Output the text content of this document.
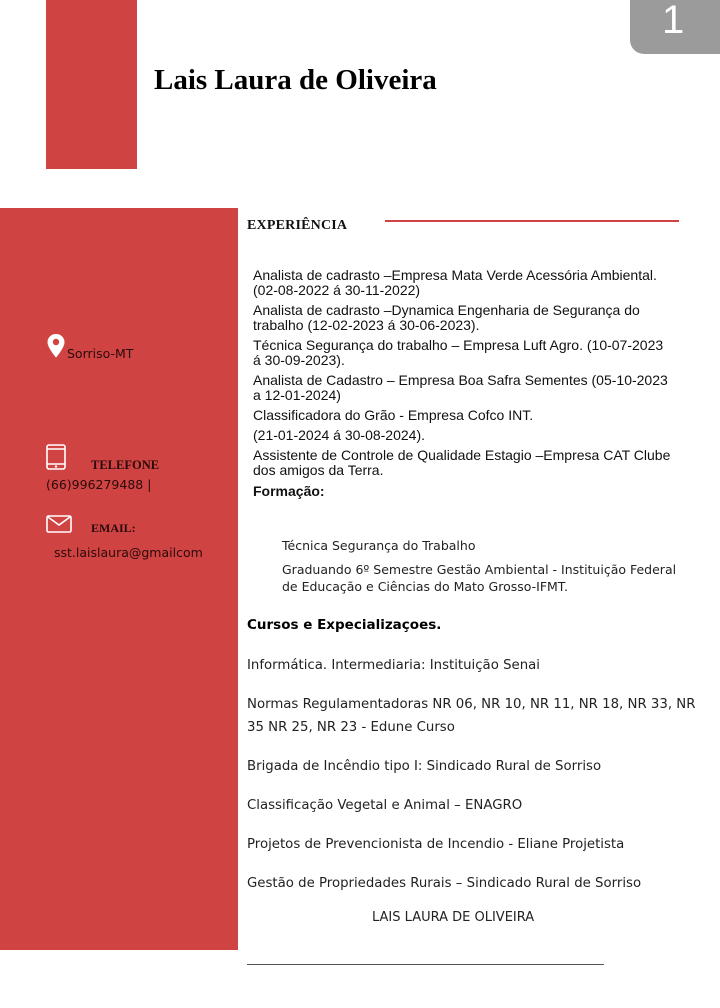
1
Lais Laura de Oliveira
Sorriso-MT
TELEFONE
(66)996279488 |
EMAIL:
sst.laislaura@gmailcom
EXPERIÊNCIA
Analista de cadrasto –Empresa Mata Verde Acessória Ambiental. (02-08-2022 á 30-11-2022)
Analista de cadrasto –Dynamica Engenharia de Segurança do trabalho (12-02-2023 á 30-06-2023).
Técnica Segurança do trabalho – Empresa Luft Agro. (10-07-2023 á 30-09-2023).
Analista de Cadastro – Empresa Boa Safra Sementes (05-10-2023 a 12-01-2024)
Classificadora do Grão - Empresa Cofco INT.
(21-01-2024 á 30-08-2024).
Assistente de Controle de Qualidade Estagio –Empresa CAT Clube dos amigos da Terra.
Formação:
Técnica Segurança do Trabalho
Graduando 6º Semestre Gestão Ambiental - Instituição Federal de Educação e Ciências do Mato Grosso-IFMT.
Cursos e Expecializaçoes.
Informática. Intermediaria: Instituição Senai
Normas Regulamentadoras NR 06, NR 10, NR 11, NR 18, NR 33, NR 35 NR 25, NR 23 - Edune Curso
Brigada de Incêndio tipo I: Sindicado Rural de Sorriso
Classificação Vegetal e Animal – ENAGRO
Projetos de Prevencionista de Incendio - Eliane Projetista
Gestão de Propriedades Rurais – Sindicado Rural de Sorriso
LAIS LAURA DE OLIVEIRA
